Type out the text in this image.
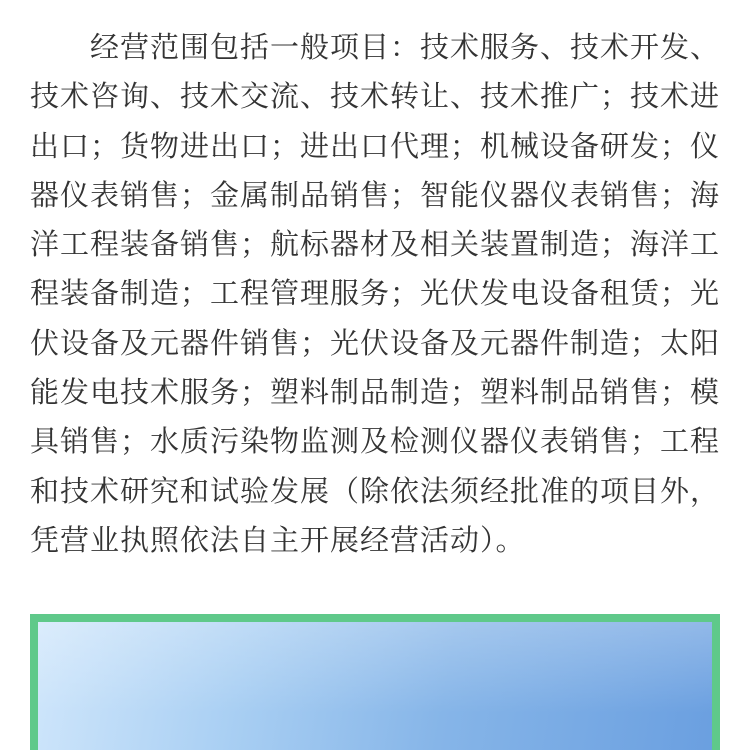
经营范围包括一般项目：技术服务、技术开发、技术咨询、技术交流、技术转让、技术推广；技术进出口；货物进出口；进出口代理；机械设备研发；仪器仪表销售；金属制品销售；智能仪器仪表销售；海洋工程装备销售；航标器材及相关装置制造；海洋工程装备制造；工程管理服务；光伏发电设备租赁；光伏设备及元器件销售；光伏设备及元器件制造；太阳能发电技术服务；塑料制品制造；塑料制品销售；模具销售；水质污染物监测及检测仪器仪表销售；工程和技术研究和试验发展（除依法须经批准的项目外，凭营业执照依法自主开展经营活动）。
